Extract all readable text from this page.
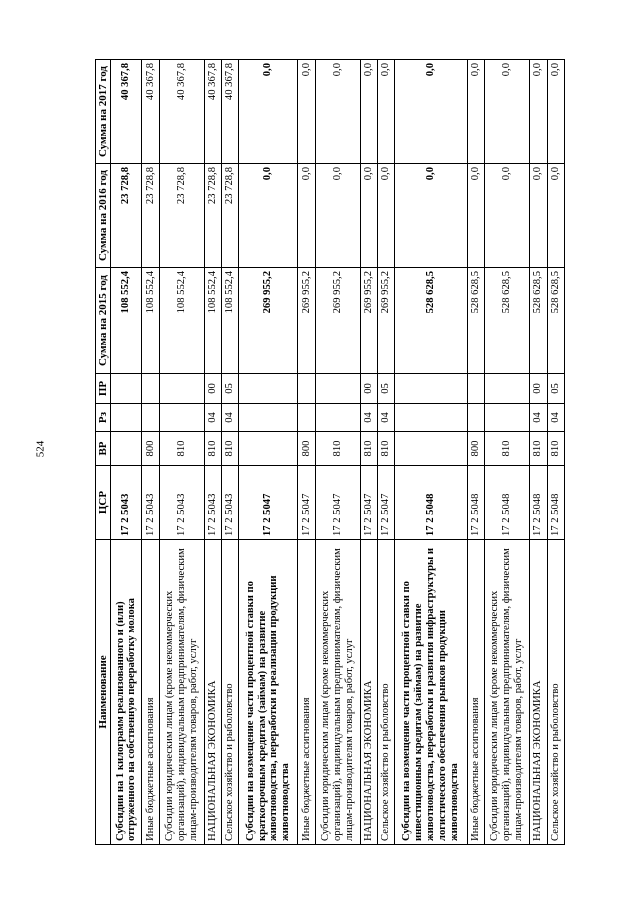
524
Наименование	ЦСР	ВР	Рз	ПР	Сумма на 2015 год	Сумма на 2016 год	Сумма на 2017 год
Субсидии на 1 килограмм реализованного и (или) отгруженного на собственную переработку молока	17 2 5043				108 552,4	23 728,8	40 367,8
Иные бюджетные ассигнования	17 2 5043	800			108 552,4	23 728,8	40 367,8
Субсидии юридическим лицам (кроме некоммерческих организаций), индивидуальным предпринимателям, физическим лицам-производителям товаров, работ, услуг	17 2 5043	810			108 552,4	23 728,8	40 367,8
НАЦИОНАЛЬНАЯ ЭКОНОМИКА	17 2 5043	810	04	00	108 552,4	23 728,8	40 367,8
Сельское хозяйство и рыболовство	17 2 5043	810	04	05	108 552,4	23 728,8	40 367,8
Субсидии на возмещение части процентной ставки по краткосрочным кредитам (займам) на развитие животноводства, переработки и реализации продукции животноводства	17 2 5047				269 955,2	0,0	0,0
Иные бюджетные ассигнования	17 2 5047	800			269 955,2	0,0	0,0
Субсидии юридическим лицам (кроме некоммерческих организаций), индивидуальным предпринимателям, физическим лицам-производителям товаров, работ, услуг	17 2 5047	810			269 955,2	0,0	0,0
НАЦИОНАЛЬНАЯ ЭКОНОМИКА	17 2 5047	810	04	00	269 955,2	0,0	0,0
Сельское хозяйство и рыболовство	17 2 5047	810	04	05	269 955,2	0,0	0,0
Субсидии на возмещение части процентной ставки по инвестиционным кредитам (займам) на развитие животноводства, переработки и развития инфраструктуры и логистического обеспечения рынков продукции животноводства	17 2 5048				528 628,5	0,0	0,0
Иные бюджетные ассигнования	17 2 5048	800			528 628,5	0,0	0,0
Субсидии юридическим лицам (кроме некоммерческих организаций), индивидуальным предпринимателям, физическим лицам-производителям товаров, работ, услуг	17 2 5048	810			528 628,5	0,0	0,0
НАЦИОНАЛЬНАЯ ЭКОНОМИКА	17 2 5048	810	04	00	528 628,5	0,0	0,0
Сельское хозяйство и рыболовство	17 2 5048	810	04	05	528 628,5	0,0	0,0
